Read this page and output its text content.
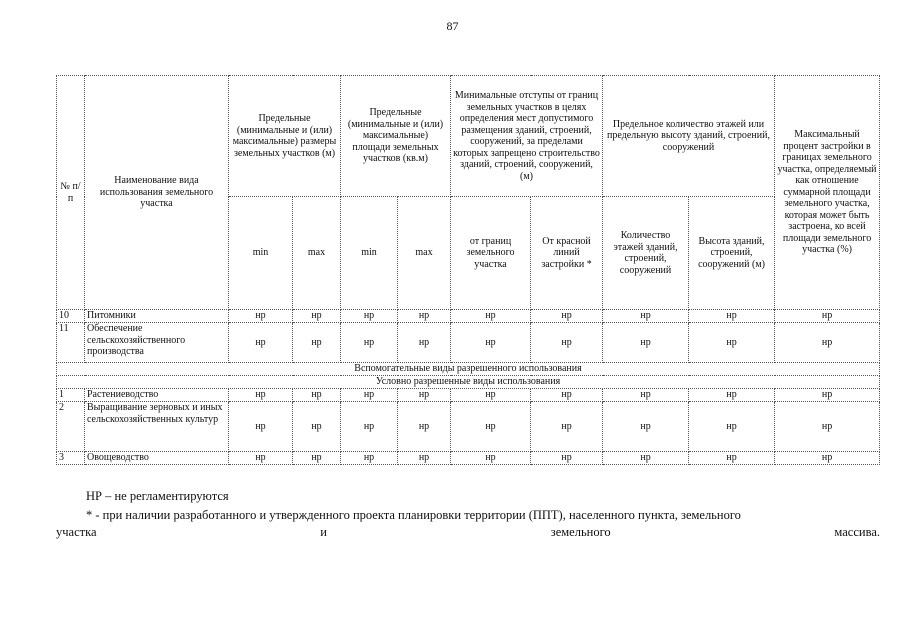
87
№ п/п	Наименование вида использования земельного участка	Предельные (минимальные и (или) максимальные) размеры земельных участков (м)		Предельные (минимальные и (или) максимальные) площади земельных участков (кв.м)		Минимальные отступы от границ земельных участков в целях определения мест допустимого размещения зданий, строений, сооружений, за пределами которых запрещено строительство зданий, строений, сооружений, (м)		Предельное количество этажей или предельную высоту зданий, строений, сооружений		Максимальный процент застройки в границах земельного участка, определяемый как отношение суммарной площади земельного участка, которая может быть застроена, ко всей площади земельного участка (%)
		min	max	min	max	от границ земельного участка	От красной линий застройки *	Количество этажей зданий, строений, сооружений	Высота зданий, строений, сооружений (м)	
10	Питомники	нр	нр	нр	нр	нр	нр	нр	нр	нр
11	Обеспечение сельскохозяйственного производства	нр	нр	нр	нр	нр	нр	нр	нр	нр
Вспомогательные виды разрешенного использования										
Условно разрешенные виды использования										
1	Растениеводство	нр	нр	нр	нр	нр	нр	нр	нр	нр
2	Выращивание зерновых и иных сельскохозяйственных культур	нр	нр	нр	нр	нр	нр	нр	нр	нр
3	Овощеводство	нр	нр	нр	нр	нр	нр	нр	нр	нр
НР – не регламентируются
* - при наличии разработанного и утвержденного проекта планировки территории (ППТ), населенного пункта, земельного
участка	и	земельного	массива.
